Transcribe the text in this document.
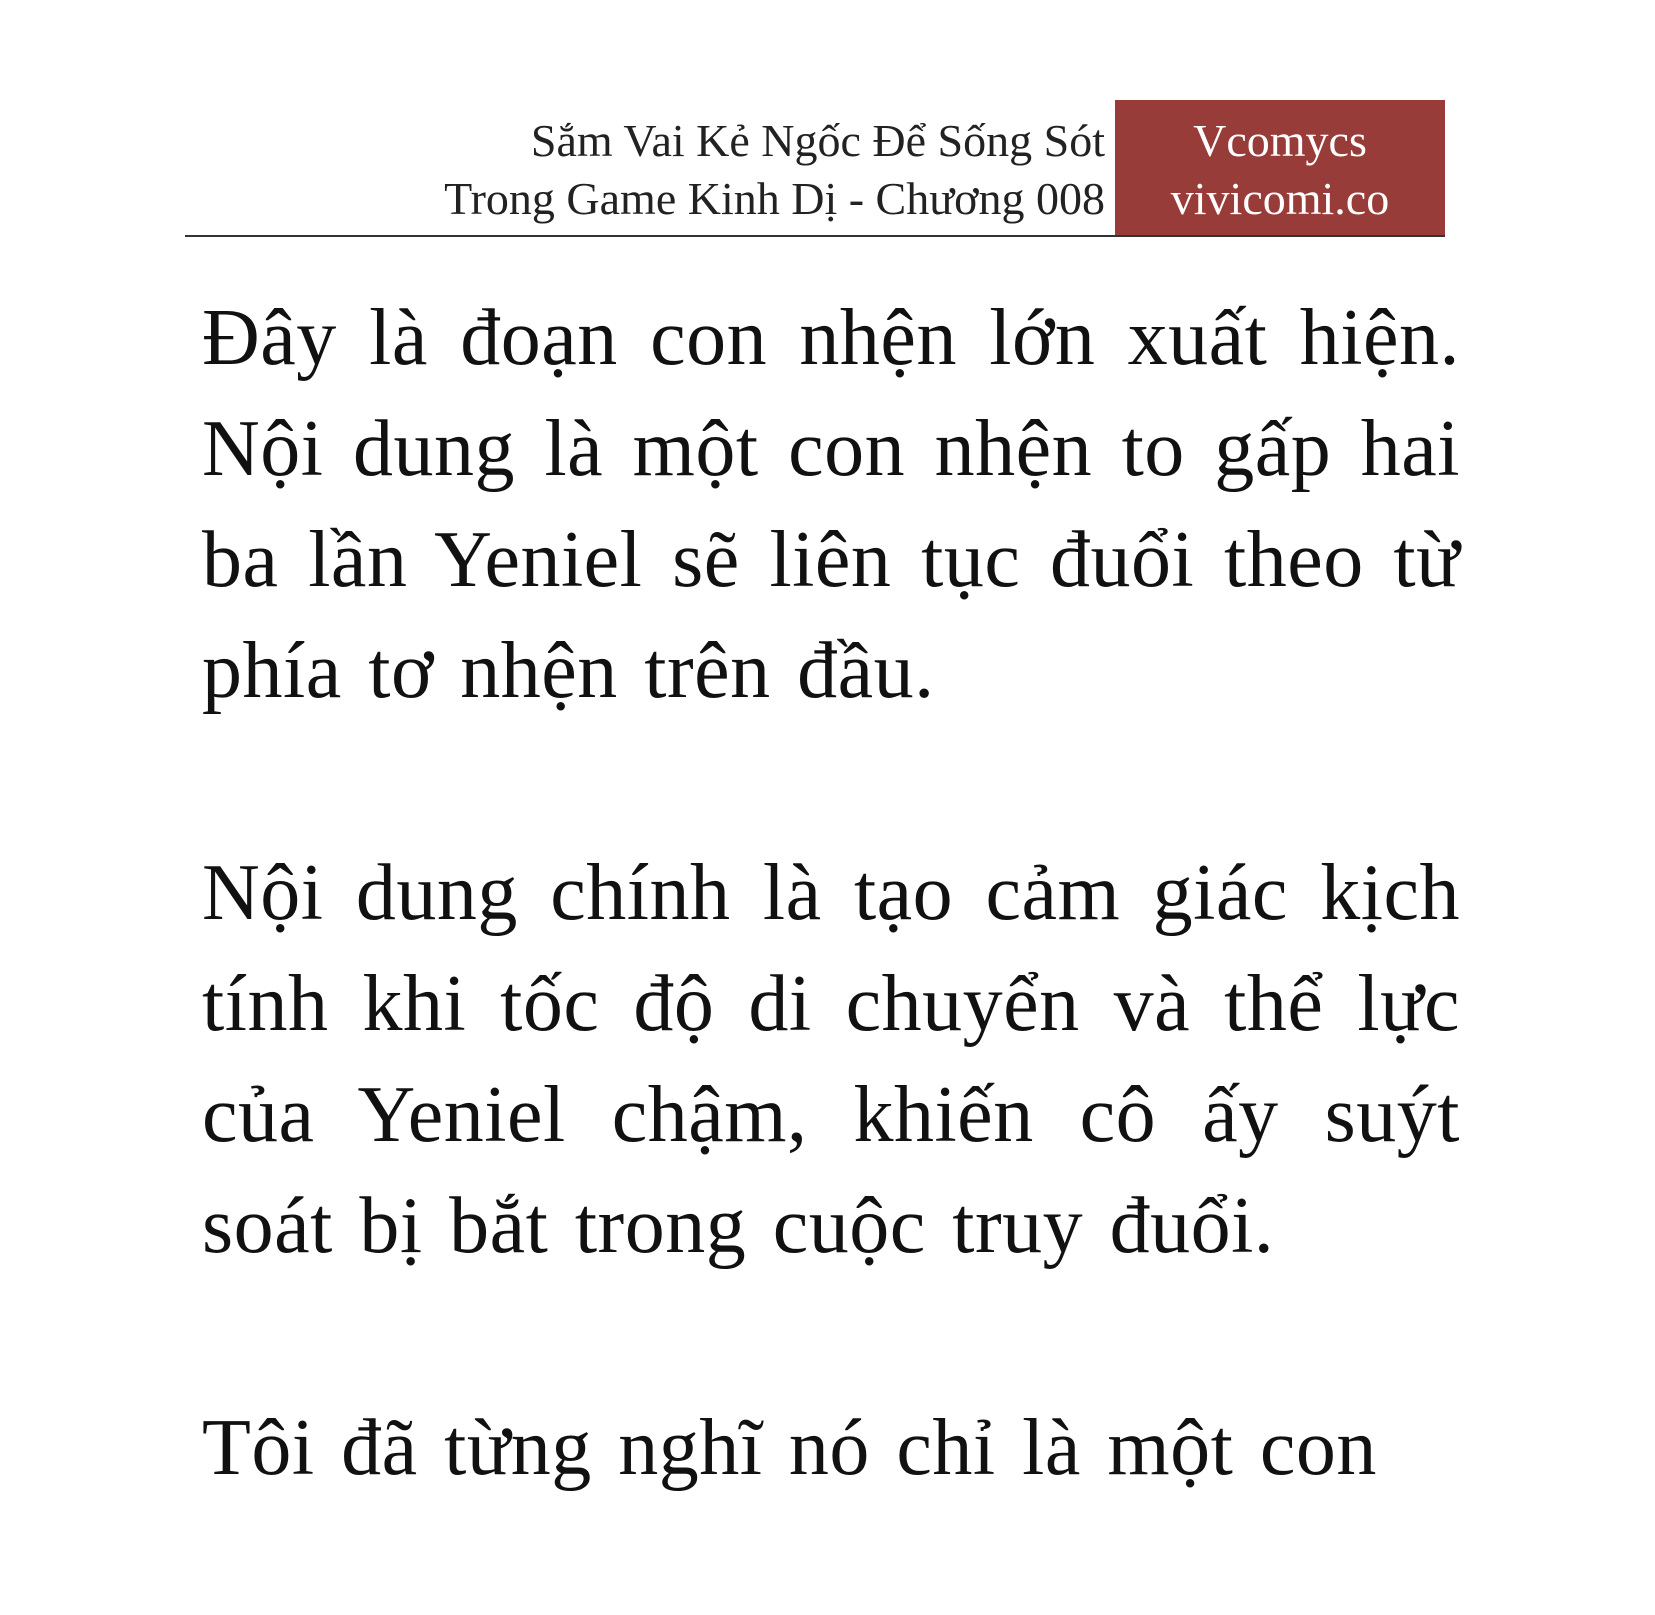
Sắm Vai Kẻ Ngốc Để Sống Sót
Trong Game Kinh Dị - Chương 008
Vcomycs
vivicomi.co

Đây là đoạn con nhện lớn xuất hiện. Nội dung là một con nhện to gấp hai ba lần Yeniel sẽ liên tục đuổi theo từ phía tơ nhện trên đầu.

Nội dung chính là tạo cảm giác kịch tính khi tốc độ di chuyển và thể lực của Yeniel chậm, khiến cô ấy suýt soát bị bắt trong cuộc truy đuổi.

Tôi đã từng nghĩ nó chỉ là một con
